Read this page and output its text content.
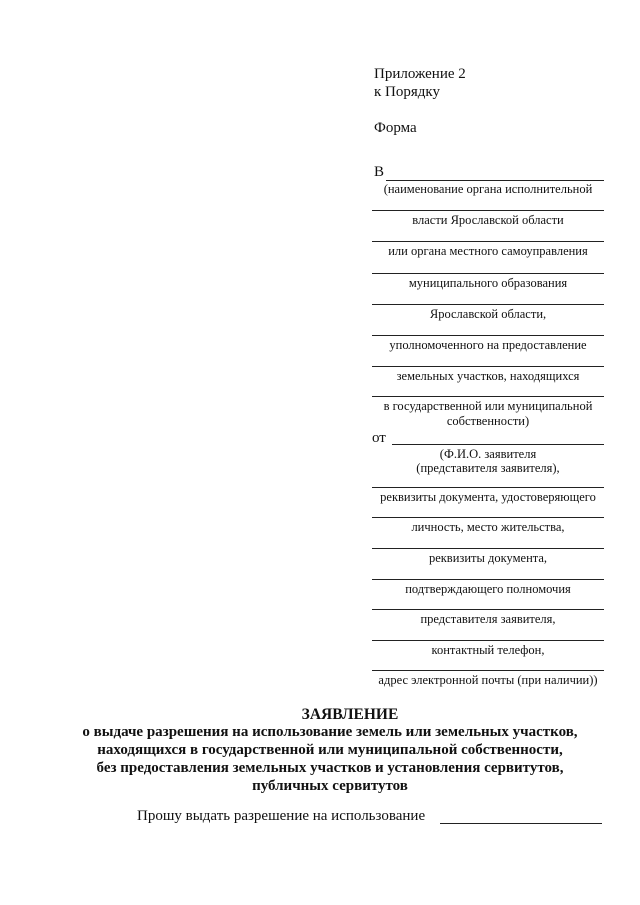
Приложение 2
к Порядку
Форма
В
(наименование органа исполнительной
власти Ярославской области
или органа местного самоуправления
муниципального образования
Ярославской области,
уполномоченного на предоставление
земельных участков, находящихся
в государственной или муниципальной
собственности)
от
(Ф.И.О. заявителя
(представителя заявителя),
реквизиты документа, удостоверяющего
личность, место жительства,
реквизиты документа,
подтверждающего полномочия
представителя заявителя,
контактный телефон,
адрес электронной почты (при наличии))
ЗАЯВЛЕНИЕ
о выдаче разрешения на использование земель или земельных участков,
находящихся в государственной или муниципальной собственности,
без предоставления земельных участков и установления сервитутов,
публичных сервитутов
Прошу выдать разрешение на использование
